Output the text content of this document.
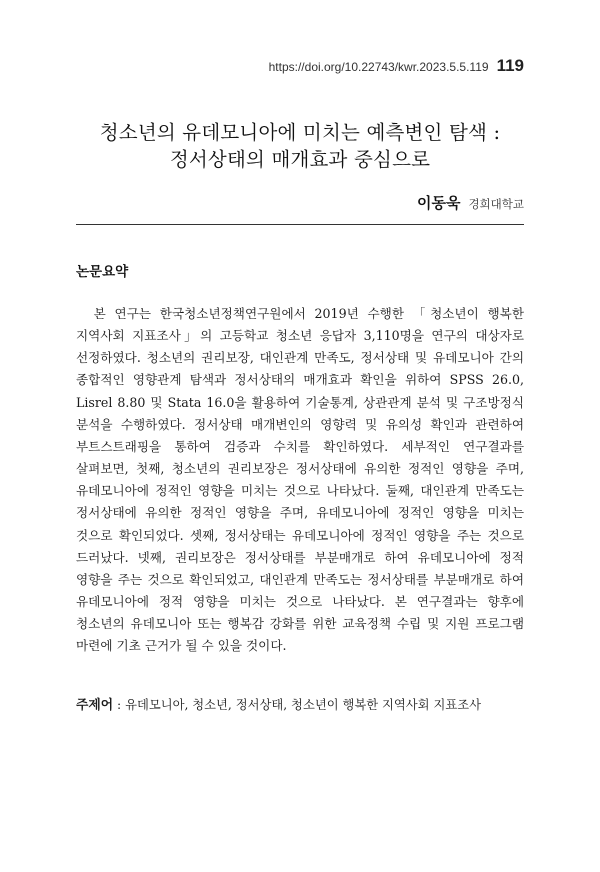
https://doi.org/10.22743/kwr.2023.5.5.119 119
청소년의 유데모니아에 미치는 예측변인 탐색 :
정서상태의 매개효과 중심으로
이동욱 경희대학교
논문요약

본 연구는 한국청소년정책연구원에서 2019년 수행한 「청소년이 행복한 지역사회 지표조사」의 고등학교 청소년 응답자 3,110명을 연구의 대상자로 선정하였다. 청소년의 권리보장, 대인관계 만족도, 정서상태 및 유데모니아 간의 종합적인 영향관계 탐색과 정서상태의 매개효과 확인을 위하여 SPSS 26.0, Lisrel 8.80 및 Stata 16.0을 활용하여 기술통계, 상관관계 분석 및 구조방정식 분석을 수행하였다. 정서상태 매개변인의 영향력 및 유의성 확인과 관련하여 부트스트래핑을 통하여 검증과 수치를 확인하였다. 세부적인 연구결과를 살펴보면, 첫째, 청소년의 권리보장은 정서상태에 유의한 정적인 영향을 주며, 유데모니아에 정적인 영향을 미치는 것으로 나타났다. 둘째, 대인관계 만족도는 정서상태에 유의한 정적인 영향을 주며, 유데모니아에 정적인 영향을 미치는 것으로 확인되었다. 셋째, 정서상태는 유데모니아에 정적인 영향을 주는 것으로 드러났다. 넷째, 권리보장은 정서상태를 부분매개로 하여 유데모니아에 정적 영향을 주는 것으로 확인되었고, 대인관계 만족도는 정서상태를 부분매개로 하여 유데모니아에 정적 영향을 미치는 것으로 나타났다. 본 연구결과는 향후에 청소년의 유데모니아 또는 행복감 강화를 위한 교육정책 수립 및 지원 프로그램 마련에 기초 근거가 될 수 있을 것이다.

주제어 : 유데모니아, 청소년, 정서상태, 청소년이 행복한 지역사회 지표조사
